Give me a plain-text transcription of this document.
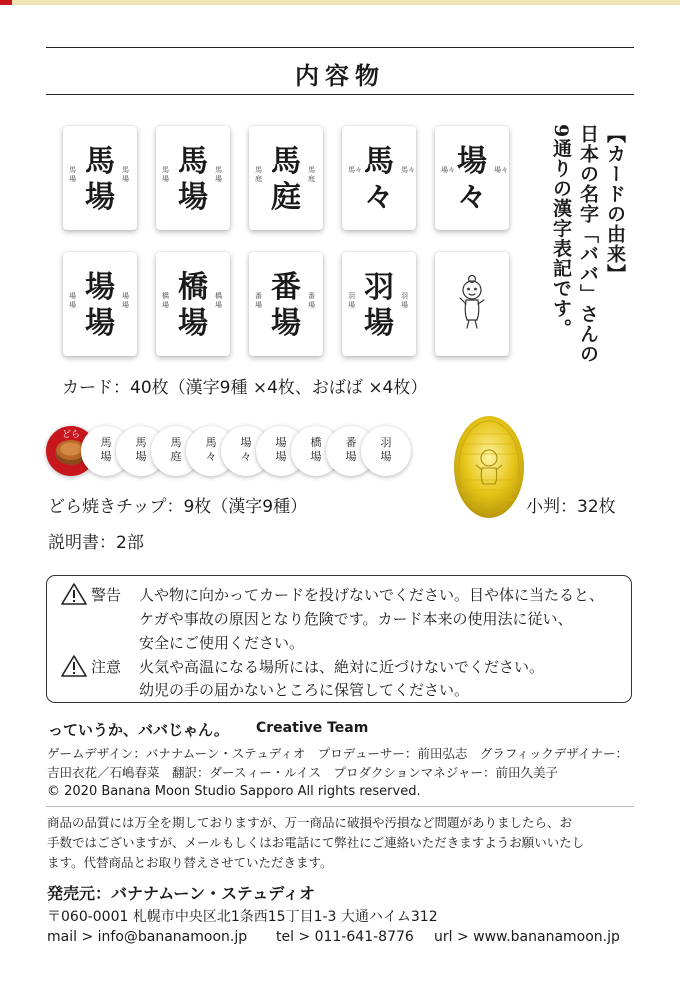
内容物
馬
場
馬場
馬場	馬
場
馬場
馬場	馬
庭
馬庭
馬庭	馬
々
馬々	馬々	場
々
場々	場々
場
場
場場
場場	橋
場
橋場
橋場	番
場
番場
番場	羽
場
羽場
羽場
【カードの由来】
日本の名字「ババ」さんの
9通りの漢字表記です。
カード：40枚（漢字9種 ×4枚、おばば ×4枚）
どら
馬
場
馬
場
馬
庭
馬
々
場
々
場
場
橋
場
番
場
羽
場
どら焼きチップ：9枚（漢字9種）	小判：32枚
説明書：2部
警告 人や物に向かってカードを投げないでください。目や体に当たると、
ケガや事故の原因となり危険です。カード本来の使用法に従い、
安全にご使用ください。
注意 火気や高温になる場所には、絶対に近づけないでください。
幼児の手の届かないところに保管してください。
っていうか、ババじゃん。 Creative Team
ゲームデザイン：バナナムーン・ステュディオ　プロデューサー：前田弘志　グラフィックデザイナー：
吉田衣花／石嶋春菜　翻訳：ダースィー・ルイス　プロダクションマネジャー：前田久美子
© 2020 Banana Moon Studio Sapporo All rights reserved.
商品の品質には万全を期しておりますが、万一商品に破損や汚損など問題がありましたら、お
手数ではございますが、メールもしくはお電話にて弊社にご連絡いただきますようお願いいたし
ます。代替商品とお取り替えさせていただきます。
発売元：バナナムーン・ステュディオ
〒060-0001 札幌市中央区北1条西15丁目1-3 大通ハイム312
mail > info@bananamoon.jp tel > 011-641-8776 url > www.bananamoon.jp
